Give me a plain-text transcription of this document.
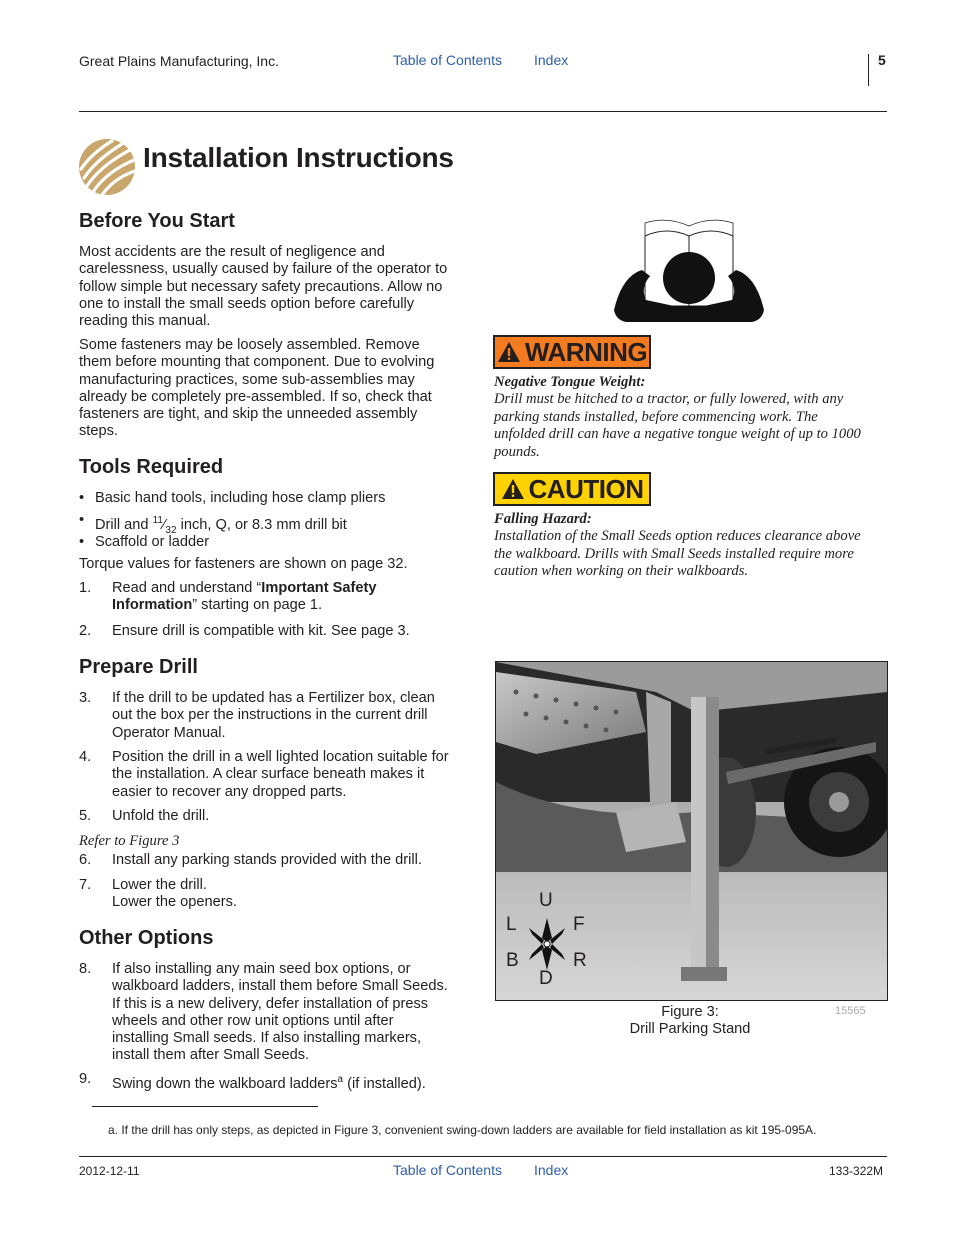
Great Plains Manufacturing, Inc.	Table of Contents Index	5
Installation Instructions
Before You Start
Most accidents are the result of negligence and
carelessness, usually caused by failure of the operator to
follow simple but necessary safety precautions. Allow no
one to install the small seeds option before carefully
reading this manual.
Some fasteners may be loosely assembled. Remove
them before mounting that component. Due to evolving
manufacturing practices, some sub-assemblies may
already be completely pre-assembled. If so, check that
fasteners are tight, and skip the unneeded assembly
steps.
Tools Required
• Basic hand tools, including hose clamp pliers
• Drill and $^{11}⁄_{32}$ inch, Q, or 8.3 mm drill bit
• Scaffold or ladder
Torque values for fasteners are shown on page 32.
1. Read and understand “Important Safety
Information” starting on page 1.
2. Ensure drill is compatible with kit. See page 3.
Prepare Drill
3. If the drill to be updated has a Fertilizer box, clean
out the box per the instructions in the current drill
Operator Manual.
4. Position the drill in a well lighted location suitable for
the installation. A clear surface beneath makes it
easier to recover any dropped parts.
5. Unfold the drill.
Refer to Figure 3
6. Install any parking stands provided with the drill.
7. Lower the drill.
Lower the openers.
Other Options
8. If also installing any main seed box options, or
walkboard ladders, install them before Small Seeds.
If this is a new delivery, defer installation of press
wheels and other row unit options until after
installing Small seeds. If also installing markers,
install them after Small Seeds.
9. Swing down the walkboard ladders$^a$ (if installed).
WARNING
Negative Tongue Weight:
Drill must be hitched to a tractor, or fully lowered, with any
parking stands installed, before commencing work. The
unfolded drill can have a negative tongue weight of up to 1000
pounds.
CAUTION
Falling Hazard:
Installation of the Small Seeds option reduces clearance above
the walkboard. Drills with Small Seeds installed require more
caution when working on their walkboards.
U
L	F
B	R
D
Figure 3:
Drill Parking Stand
15565
a. If the drill has only steps, as depicted in Figure 3, convenient swing-down ladders are available for field installation as kit 195-095A.
2012-12-11	Table of Contents Index	133-322M
